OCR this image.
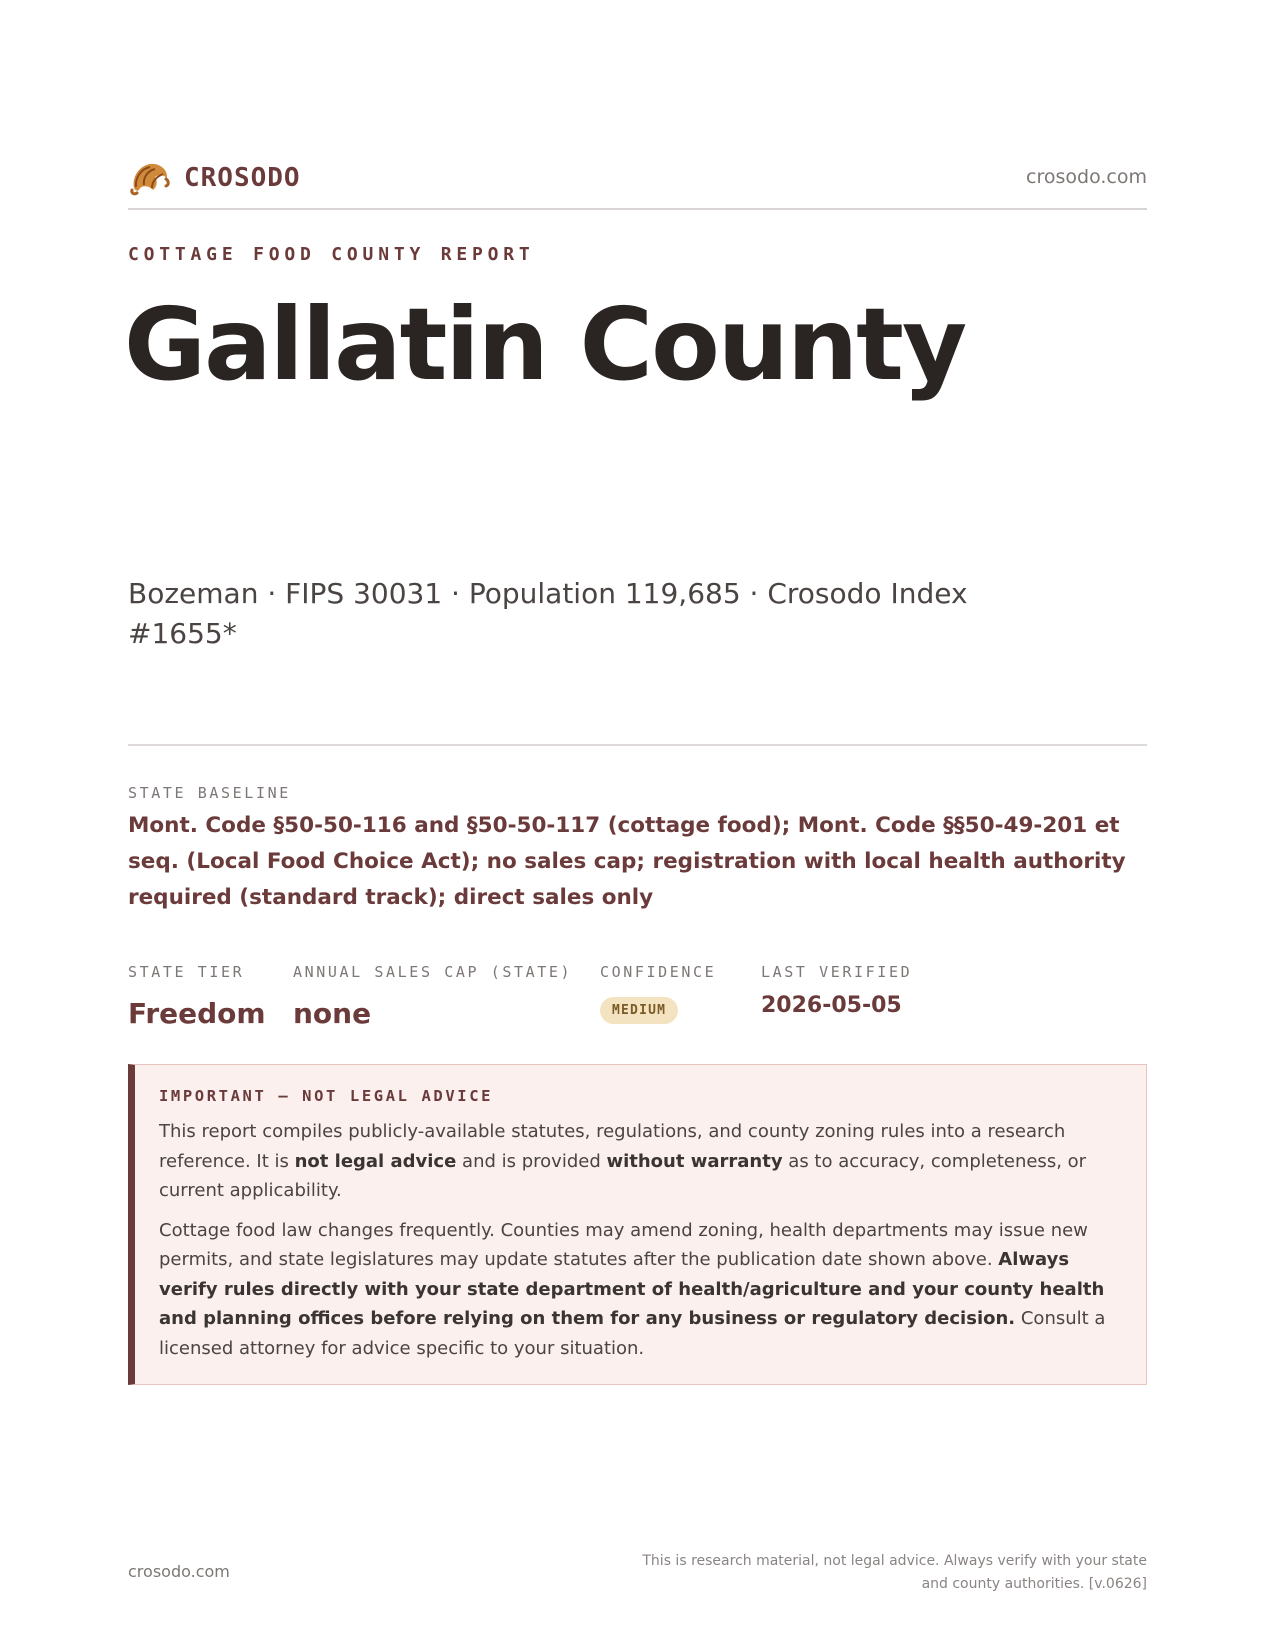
CROSODO	crosodo.com
COTTAGE FOOD COUNTY REPORT
Gallatin County
Bozeman · FIPS 30031 · Population 119,685 · Crosodo Index #1655*
STATE BASELINE
Mont. Code §50-50-116 and §50-50-117 (cottage food); Mont. Code §§50-49-201 et seq. (Local Food Choice Act); no sales cap; registration with local health authority required (standard track); direct sales only
STATE TIER
Freedom
ANNUAL SALES CAP (STATE)
none
CONFIDENCE
MEDIUM
LAST VERIFIED
2026-05-05
IMPORTANT — NOT LEGAL ADVICE

This report compiles publicly-available statutes, regulations, and county zoning rules into a research reference. It is not legal advice and is provided without warranty as to accuracy, completeness, or current applicability.

Cottage food law changes frequently. Counties may amend zoning, health departments may issue new permits, and state legislatures may update statutes after the publication date shown above. Always verify rules directly with your state department of health/agriculture and your county health and planning offices before relying on them for any business or regulatory decision. Consult a licensed attorney for advice specific to your situation.

crosodo.com
This is research material, not legal advice. Always verify with your state and county authorities. [v.0626]
